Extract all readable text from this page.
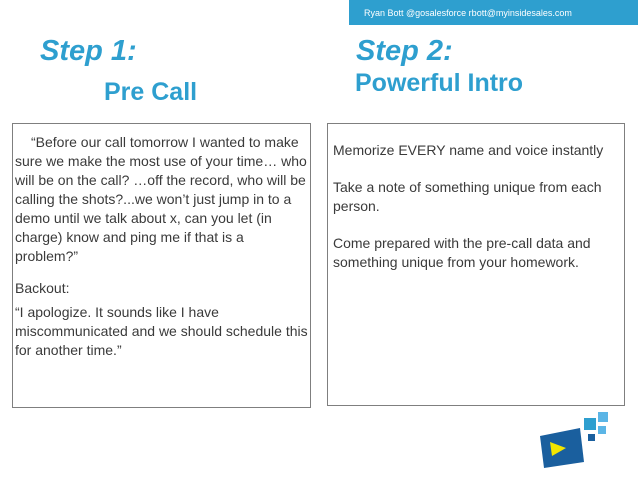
Ryan Bott @gosalesforce rbott@myinsidesales.com
Step 1:
Pre Call
Step 2:
Powerful Intro

“Before our call tomorrow I wanted to make sure we make the most use of your time… who will be on the call? …off the record, who will be calling the shots?...we won’t just jump in to a demo until we talk about x, can you let (in charge) know and ping me if that is a problem?”

Backout:

“I apologize. It sounds like I have miscommunicated and we should schedule this for another time.”

Memorize EVERY name and voice instantly

Take a note of something unique from each person.

Come prepared with the pre-call data and something unique from your homework.
